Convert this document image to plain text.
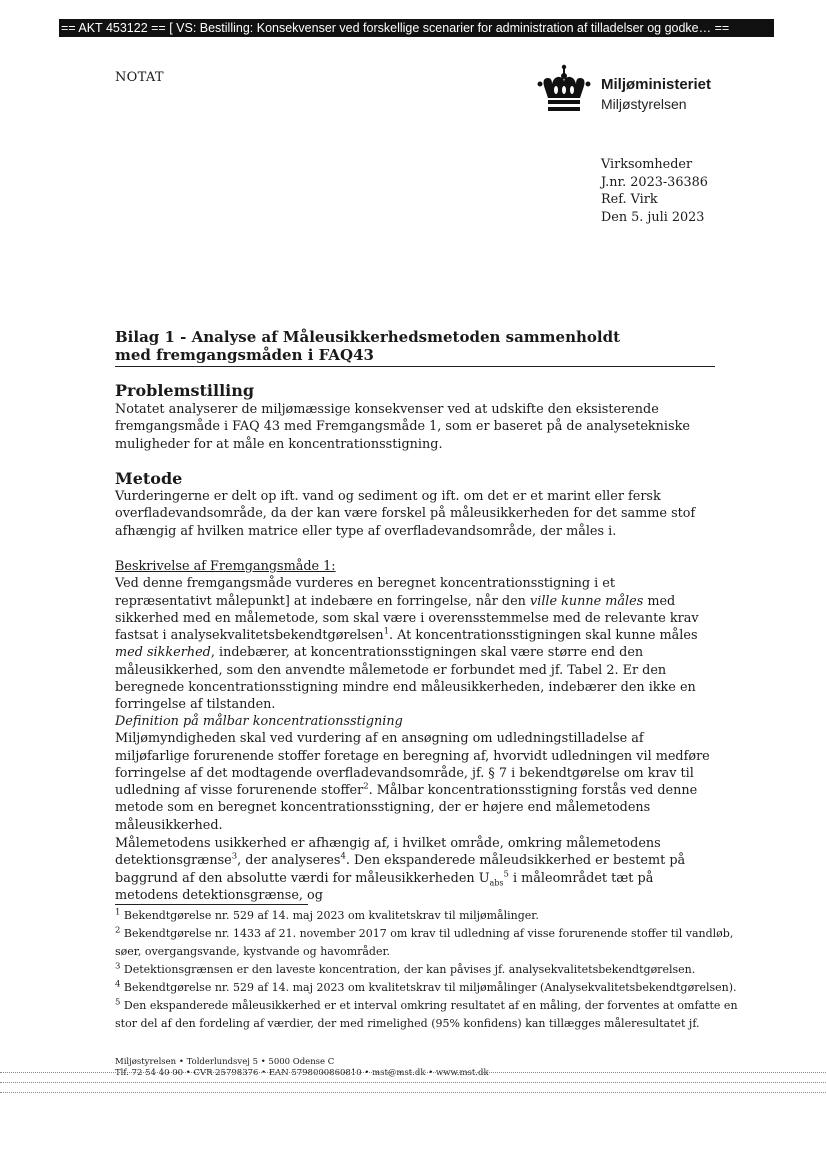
== AKT 453122 == [ VS: Bestilling: Konsekvenser ved forskellige scenarier for administration af tilladelser og godke… ==
NOTAT	Miljøministeriet
Miljøstyrelsen
Virksomheder
J.nr. 2023-36386
Ref. Virk
Den 5. juli 2023
Bilag 1 - Analyse af Måleusikkerhedsmetoden sammenholdt
med fremgangsmåden i FAQ43
Problemstilling

Notatet analyserer de miljømæssige konsekvenser ved at udskifte den eksisterende fremgangsmåde i FAQ 43 med Fremgangsmåde 1, som er baseret på de analysetekniske muligheder for at måle en koncentrationsstigning.

Metode

Vurderingerne er delt op ift. vand og sediment og ift. om det er et marint eller fersk overfladevandsområde, da der kan være forskel på måleusikkerheden for det samme stof afhængig af hvilken matrice eller type af overfladevandsområde, der måles i.

Beskrivelse af Fremgangsmåde 1:

Ved denne fremgangsmåde vurderes en beregnet koncentrationsstigning i et repræsentativt målepunkt] at indebære en forringelse, når den ville kunne måles med sikkerhed med en målemetode, som skal være i overensstemmelse med de relevante krav fastsat i analysekvalitetsbekendtgørelsen$^1$. At koncentrationsstigningen skal kunne måles med sikkerhed, indebærer, at koncentrationsstigningen skal være større end den måleusikkerhed, som den anvendte målemetode er forbundet med jf. Tabel 2. Er den beregnede koncentrationsstigning mindre end måleusikkerheden, indebærer den ikke en forringelse af tilstanden.

Definition på målbar koncentrationsstigning

Miljømyndigheden skal ved vurdering af en ansøgning om udledningstilladelse af miljøfarlige forurenende stoffer foretage en beregning af, hvorvidt udledningen vil medføre forringelse af det modtagende overfladevandsområde, jf. § 7 i bekendtgørelse om krav til udledning af visse forurenende stoffer$^2$. Målbar koncentrationsstigning forstås ved denne metode som en beregnet koncentrationsstigning, der er højere end målemetodens måleusikkerhed.

Målemetodens usikkerhed er afhængig af, i hvilket område, omkring målemetodens detektionsgrænse$^3$, der analyseres$^4$. Den ekspanderede måleudsikkerhed er bestemt på baggrund af den absolutte værdi for måleusikkerheden $U_{abs}^5$ i måleområdet tæt på metodens detektionsgrænse, og

$^1$ Bekendtgørelse nr. 529 af 14. maj 2023 om kvalitetskrav til miljømålinger.
$^2$ Bekendtgørelse nr. 1433 af 21. november 2017 om krav til udledning af visse forurenende stoffer til vandløb,
søer, overgangsvande, kystvande og havområder.
$^3$ Detektionsgrænsen er den laveste koncentration, der kan påvises jf. analysekvalitetsbekendtgørelsen.
$^4$ Bekendtgørelse nr. 529 af 14. maj 2023 om kvalitetskrav til miljømålinger (Analysekvalitetsbekendtgørelsen).
$^5$ Den ekspanderede måleusikkerhed er et interval omkring resultatet af en måling, der forventes at omfatte en
stor del af den fordeling af værdier, der med rimelighed (95% konfidens) kan tillægges måleresultatet jf.
Miljøstyrelsen • Tolderlundsvej 5 • 5000 Odense C
Tlf. 72 54 40 00 • CVR 25798376 • EAN 5798000860810 • mst@mst.dk • www.mst.dk
